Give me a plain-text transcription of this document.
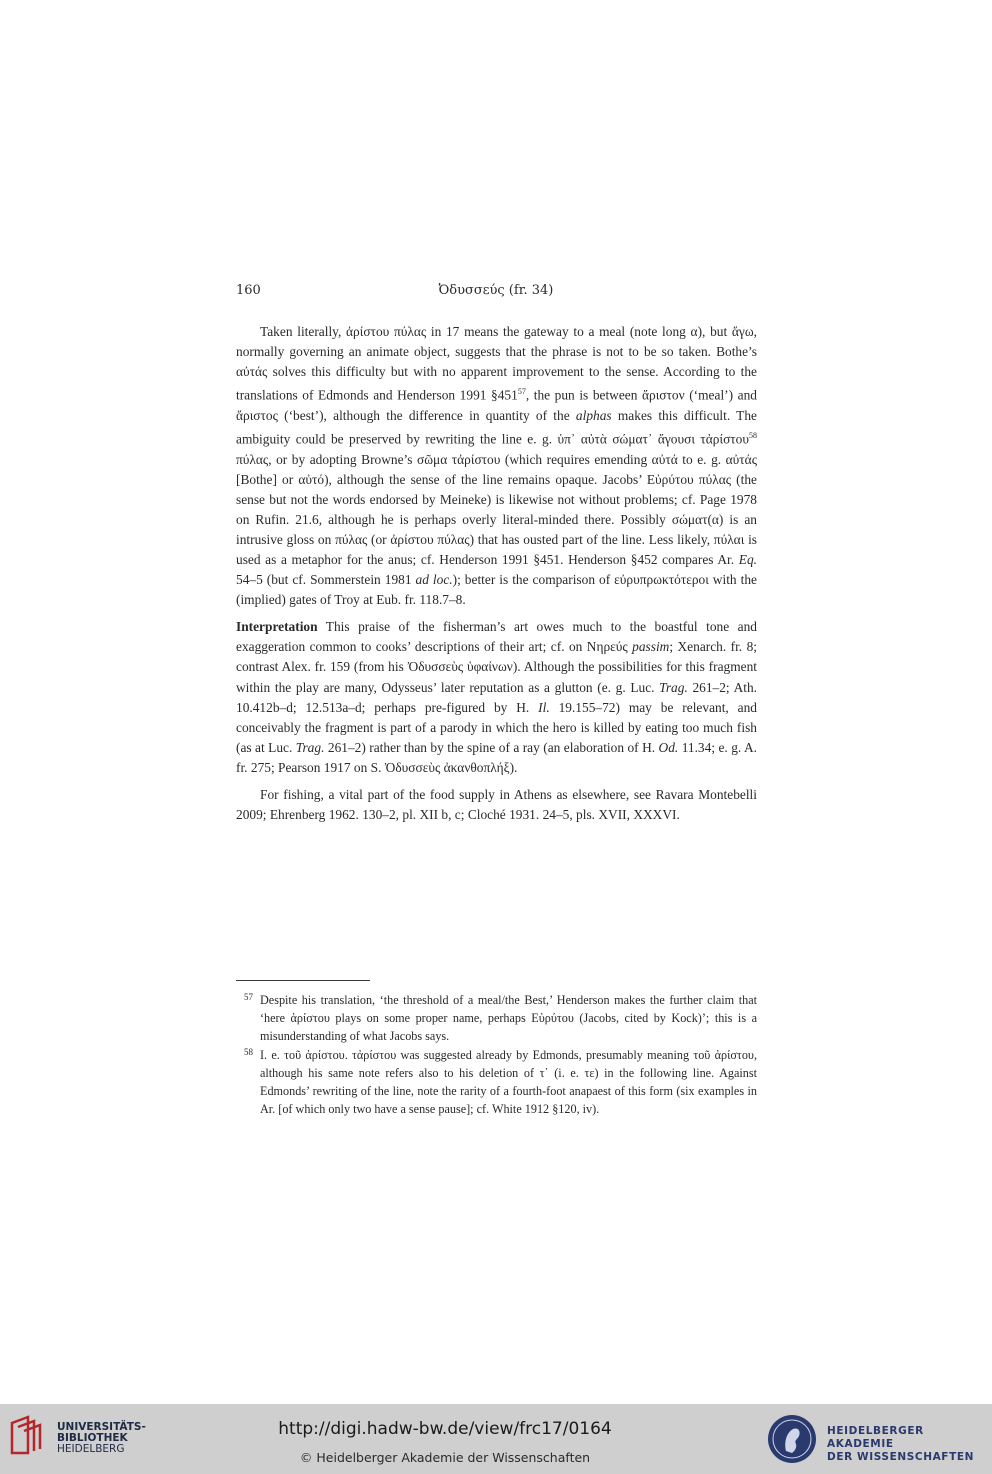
160	Ὀδυσσεύς (fr. 34)

Taken literally, ἀρίστου πύλας in 17 means the gateway to a meal (note long α), but ἄγω, normally governing an animate object, suggests that the phrase is not to be so taken. Bothe’s αὐτάς solves this difficulty but with no apparent improvement to the sense. According to the translations of Edmonds and Henderson 1991 $\S 451^{57}$, the pun is between ἄριστον (‘meal’) and ἄριστος (‘best’), although the difference in quantity of the alphas makes this difficult. The ambiguity could be preserved by rewriting the line e. g. ὑπ᾽ αὐτὰ σώματ᾽ ἄγουσι τἀρίστου$^{58}$ πύλας, or by adopting Browne’s σῶμα τἀρίστου (which requires emending αὐτά to e. g. αὐτάς [Bothe] or αὐτό), although the sense of the line remains opaque. Jacobs’ Εὐρύτου πύλας (the sense but not the words endorsed by Meineke) is likewise not without problems; cf. Page 1978 on Rufin. 21.6, although he is perhaps overly literal-minded there. Possibly σώματ(α) is an intrusive gloss on πύλας (or ἀρίστου πύλας) that has ousted part of the line. Less likely, πύλαι is used as a metaphor for the anus; cf. Henderson 1991 §451. Henderson §452 compares Ar. Eq. 54–5 (but cf. Sommerstein 1981 ad loc.); better is the comparison of εὐρυπρωκτότεροι with the (implied) gates of Troy at Eub. fr. 118.7–8.

Interpretation This praise of the fisherman’s art owes much to the boastful tone and exaggeration common to cooks’ descriptions of their art; cf. on Νηρεύς passim; Xenarch. fr. 8; contrast Alex. fr. 159 (from his Ὀδυσσεὺς ὑφαίνων). Although the possibilities for this fragment within the play are many, Odysseus’ later reputation as a glutton (e. g. Luc. Trag. 261–2; Ath. 10.412b–d; 12.513a–d; perhaps pre-figured by H. Il. 19.155–72) may be relevant, and conceivably the fragment is part of a parody in which the hero is killed by eating too much fish (as at Luc. Trag. 261–2) rather than by the spine of a ray (an elaboration of H. Od. 11.34; e. g. A. fr. 275; Pearson 1917 on S. Ὀδυσσεὺς ἀκανθοπλήξ).

For fishing, a vital part of the food supply in Athens as elsewhere, see Ravara Montebelli 2009; Ehrenberg 1962. 130–2, pl. XII b, c; Cloché 1931. 24–5, pls. XVII, XXXVI.

57 Despite his translation, ‘the threshold of a meal/the Best,’ Henderson makes the further claim that ‘here ἀρίστου plays on some proper name, perhaps Εὐρύτου (Jacobs, cited by Kock)’; this is a misunderstanding of what Jacobs says.
58 I. e. τοῦ ἀρίστου. τἀρίστου was suggested already by Edmonds, presumably meaning τοῦ ἀρίστου, although his same note refers also to his deletion of τ᾽ (i. e. τε) in the following line. Against Edmonds’ rewriting of the line, note the rarity of a fourth-foot anapaest of this form (six examples in Ar. [of which only two have a sense pause]; cf. White 1912 §120, iv).
UNIVERSITÄTS-
BIBLIOTHEK
HEIDELBERG
http://digi.hadw-bw.de/view/frc17/0164
© Heidelberger Akademie der Wissenschaften
HEIDELBERGER AKADEMIE
DER WISSENSCHAFTEN
